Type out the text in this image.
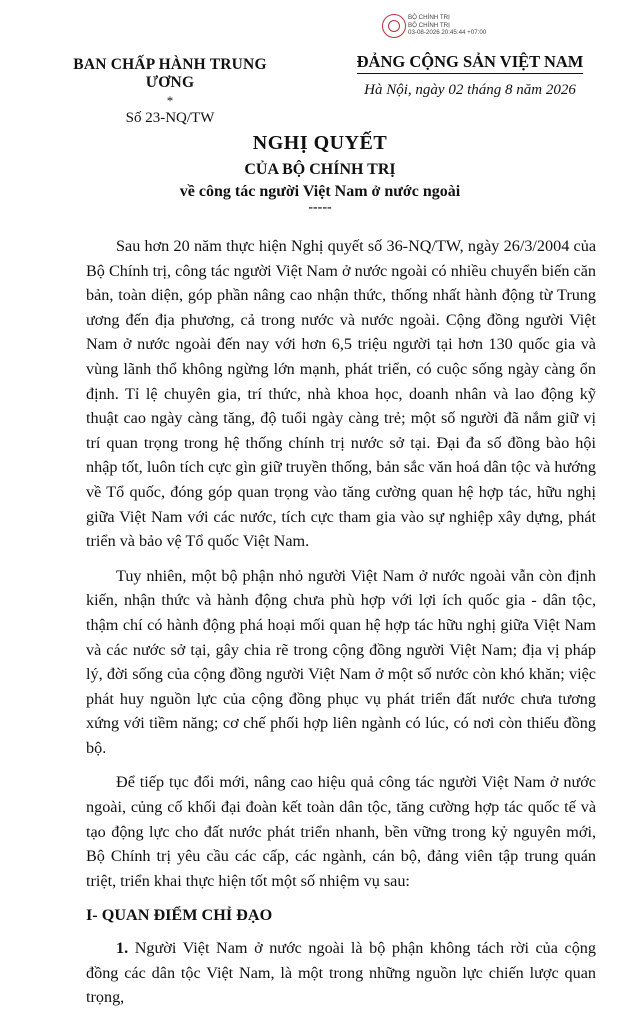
BỘ CHÍNH TRỊ
BỘ CHÍNH TRỊ
03-08-2026 20:45:44 +07:00
BAN CHẤP HÀNH TRUNG ƯƠNG
*
Số 23-NQ/TW
ĐẢNG CỘNG SẢN VIỆT NAM
Hà Nội, ngày 02 tháng 8 năm 2026
NGHỊ QUYẾT
CỦA BỘ CHÍNH TRỊ
về công tác người Việt Nam ở nước ngoài
-----

Sau hơn 20 năm thực hiện Nghị quyết số 36-NQ/TW, ngày 26/3/2004 của Bộ Chính trị, công tác người Việt Nam ở nước ngoài có nhiều chuyển biến căn bản, toàn diện, góp phần nâng cao nhận thức, thống nhất hành động từ Trung ương đến địa phương, cả trong nước và nước ngoài. Cộng đồng người Việt Nam ở nước ngoài đến nay với hơn 6,5 triệu người tại hơn 130 quốc gia và vùng lãnh thổ không ngừng lớn mạnh, phát triển, có cuộc sống ngày càng ổn định. Tỉ lệ chuyên gia, trí thức, nhà khoa học, doanh nhân và lao động kỹ thuật cao ngày càng tăng, độ tuổi ngày càng trẻ; một số người đã nắm giữ vị trí quan trọng trong hệ thống chính trị nước sở tại. Đại đa số đồng bào hội nhập tốt, luôn tích cực gìn giữ truyền thống, bản sắc văn hoá dân tộc và hướng về Tổ quốc, đóng góp quan trọng vào tăng cường quan hệ hợp tác, hữu nghị giữa Việt Nam với các nước, tích cực tham gia vào sự nghiệp xây dựng, phát triển và bảo vệ Tổ quốc Việt Nam.

Tuy nhiên, một bộ phận nhỏ người Việt Nam ở nước ngoài vẫn còn định kiến, nhận thức và hành động chưa phù hợp với lợi ích quốc gia - dân tộc, thậm chí có hành động phá hoại mối quan hệ hợp tác hữu nghị giữa Việt Nam và các nước sở tại, gây chia rẽ trong cộng đồng người Việt Nam; địa vị pháp lý, đời sống của cộng đồng người Việt Nam ở một số nước còn khó khăn; việc phát huy nguồn lực của cộng đồng phục vụ phát triển đất nước chưa tương xứng với tiềm năng; cơ chế phối hợp liên ngành có lúc, có nơi còn thiếu đồng bộ.

Để tiếp tục đổi mới, nâng cao hiệu quả công tác người Việt Nam ở nước ngoài, củng cố khối đại đoàn kết toàn dân tộc, tăng cường hợp tác quốc tế và tạo động lực cho đất nước phát triển nhanh, bền vững trong kỷ nguyên mới, Bộ Chính trị yêu cầu các cấp, các ngành, cán bộ, đảng viên tập trung quán triệt, triển khai thực hiện tốt một số nhiệm vụ sau:

I- QUAN ĐIỂM CHỈ ĐẠO

1. Người Việt Nam ở nước ngoài là bộ phận không tách rời của cộng đồng các dân tộc Việt Nam, là một trong những nguồn lực chiến lược quan trọng,
